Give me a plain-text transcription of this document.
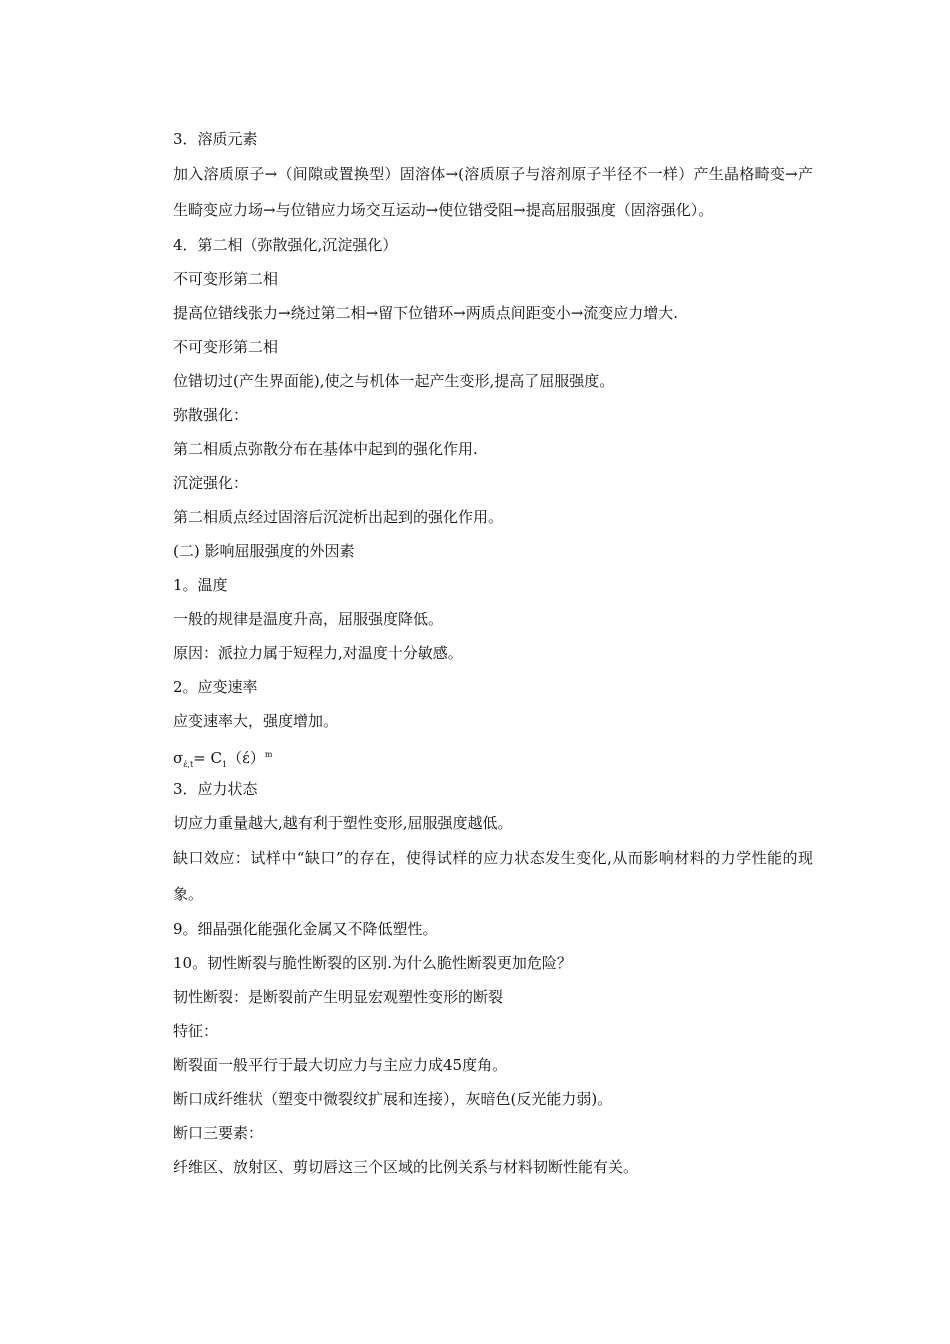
3．溶质元素

加入溶质原子→（间隙或置换型）固溶体→(溶质原子与溶剂原子半径不一样）产生晶格畸变→产生畸变应力场→与位错应力场交互运动→使位错受阻→提高屈服强度（固溶强化）。

4．第二相（弥散强化,沉淀强化）

不可变形第二相

提高位错线张力→绕过第二相→留下位错环→两质点间距变小→流变应力增大.

不可变形第二相

位错切过(产生界面能),使之与机体一起产生变形,提高了屈服强度。

弥散强化：

第二相质点弥散分布在基体中起到的强化作用.

沉淀强化：

第二相质点经过固溶后沉淀析出起到的强化作用。

(二) 影响屈服强度的外因素

1。温度

一般的规律是温度升高，屈服强度降低。

原因：派拉力属于短程力,对温度十分敏感。

2。应变速率

应变速率大，强度增加。

$\sigma_{έ,t}= C_1(έ)^m$

3．应力状态

切应力重量越大,越有利于塑性变形,屈服强度越低。

缺口效应：试样中“缺口”的存在，使得试样的应力状态发生变化,从而影响材料的力学性能的现象。

9。细晶强化能强化金属又不降低塑性。

10。韧性断裂与脆性断裂的区别.为什么脆性断裂更加危险？

韧性断裂：是断裂前产生明显宏观塑性变形的断裂

特征：

断裂面一般平行于最大切应力与主应力成45度角。

断口成纤维状（塑变中微裂纹扩展和连接），灰暗色(反光能力弱)。

断口三要素：

纤维区、放射区、剪切唇这三个区域的比例关系与材料韧断性能有关。
